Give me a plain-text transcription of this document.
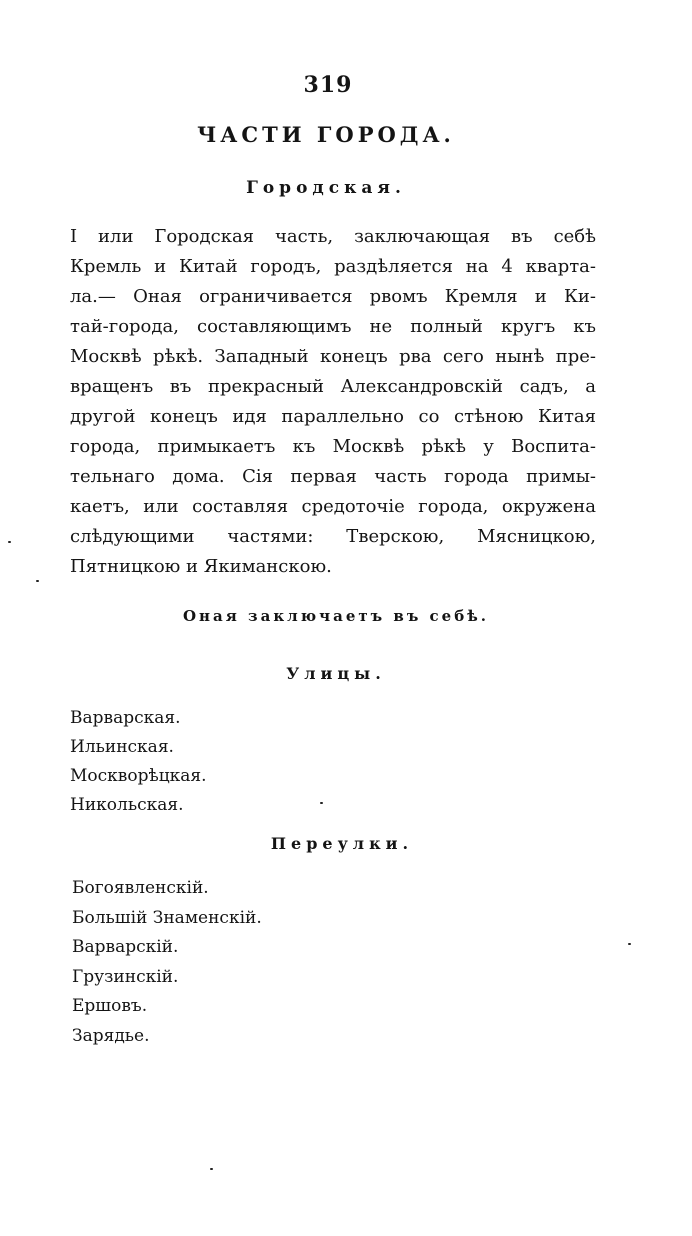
319
ЧАСТИ ГОРОДА.
Городская.
I или Городская часть, заключающая въ себѣ
Кремль и Китай городъ, раздѣляется на 4 кварта-
ла.— Оная ограничивается рвомъ Кремля и Ки-
тай-города, составляющимъ не полный кругъ къ
Москвѣ рѣкѣ. Западный конецъ рва сего нынѣ пре-
вращенъ въ прекрасный Александровскій садъ, а
другой конецъ идя параллельно со стѣною Китая
города, примыкаетъ къ Москвѣ рѣкѣ у Воспита-
тельнаго дома. Сія первая часть города примы-
каетъ, или составляя средоточіе города, окружена
слѣдующими частями: Тверскою, Мясницкою,
Пятницкою и Якиманскою.
Оная заключаетъ въ себѣ.
Улицы.
Варварская.
Ильинская.
Москворѣцкая.
Никольская.
Переулки.
Богоявленскій.
Большій Знаменскій.
Варварскій.
Грузинскій.
Ершовъ.
Зарядье.
